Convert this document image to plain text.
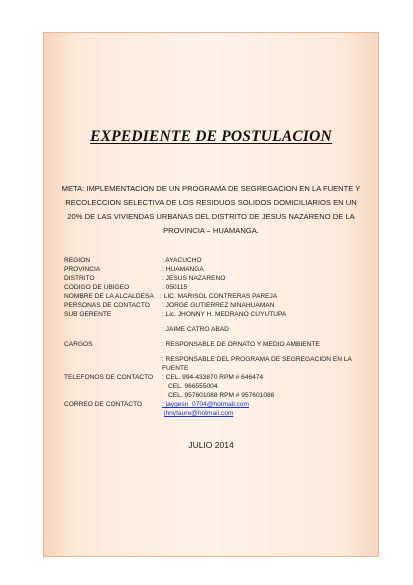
EXPEDIENTE DE POSTULACION
META: IMPLEMENTACION DE UN PROGRAMA DE SEGREGACION EN LA FUENTE Y RECOLECCION SELECTIVA DE LOS RESIDUOS SOLIDOS DOMICILIARIOS EN UN 20% DE LAS VIVIENDAS URBANAS DEL DISTRITO DE JESUS NAZARENO DE LA PROVINCIA – HUAMANGA.
REGION	: AYACUCHO
PROVINCIA	: HUAMANGA
DISTRITO	: JESUS NAZARENO
CODIGO DE UBIGEO	: 050115
NOMBRE DE LA ALCALDESA : LIC. MARISOL CONTRERAS PAREJA
PERSONAS DE CONTACTO : JORGE GUTIERREZ NINAHUAMAN
SUB GERENTE	: Lic. JHONNY H. MEDRANO CUYUTUPA
: JAIME CATRO ABAD
CARGOS	: RESPONSABLE DE ORNATO Y MEDIO AMBIENTE
: RESPONSABLE DEL PROGRAMA DE SEGREGACION EN LA FUENTE
TELEFONOS DE CONTACTO : CEL. 994-433870 RPM # 646474
CEL. 966555004
CEL. 957601088 RPM # 957601088
CORREO DE CONTACTO	: jaygesn_0704@hotmail.com
jhnytaure@hotmail.com
JULIO 2014
